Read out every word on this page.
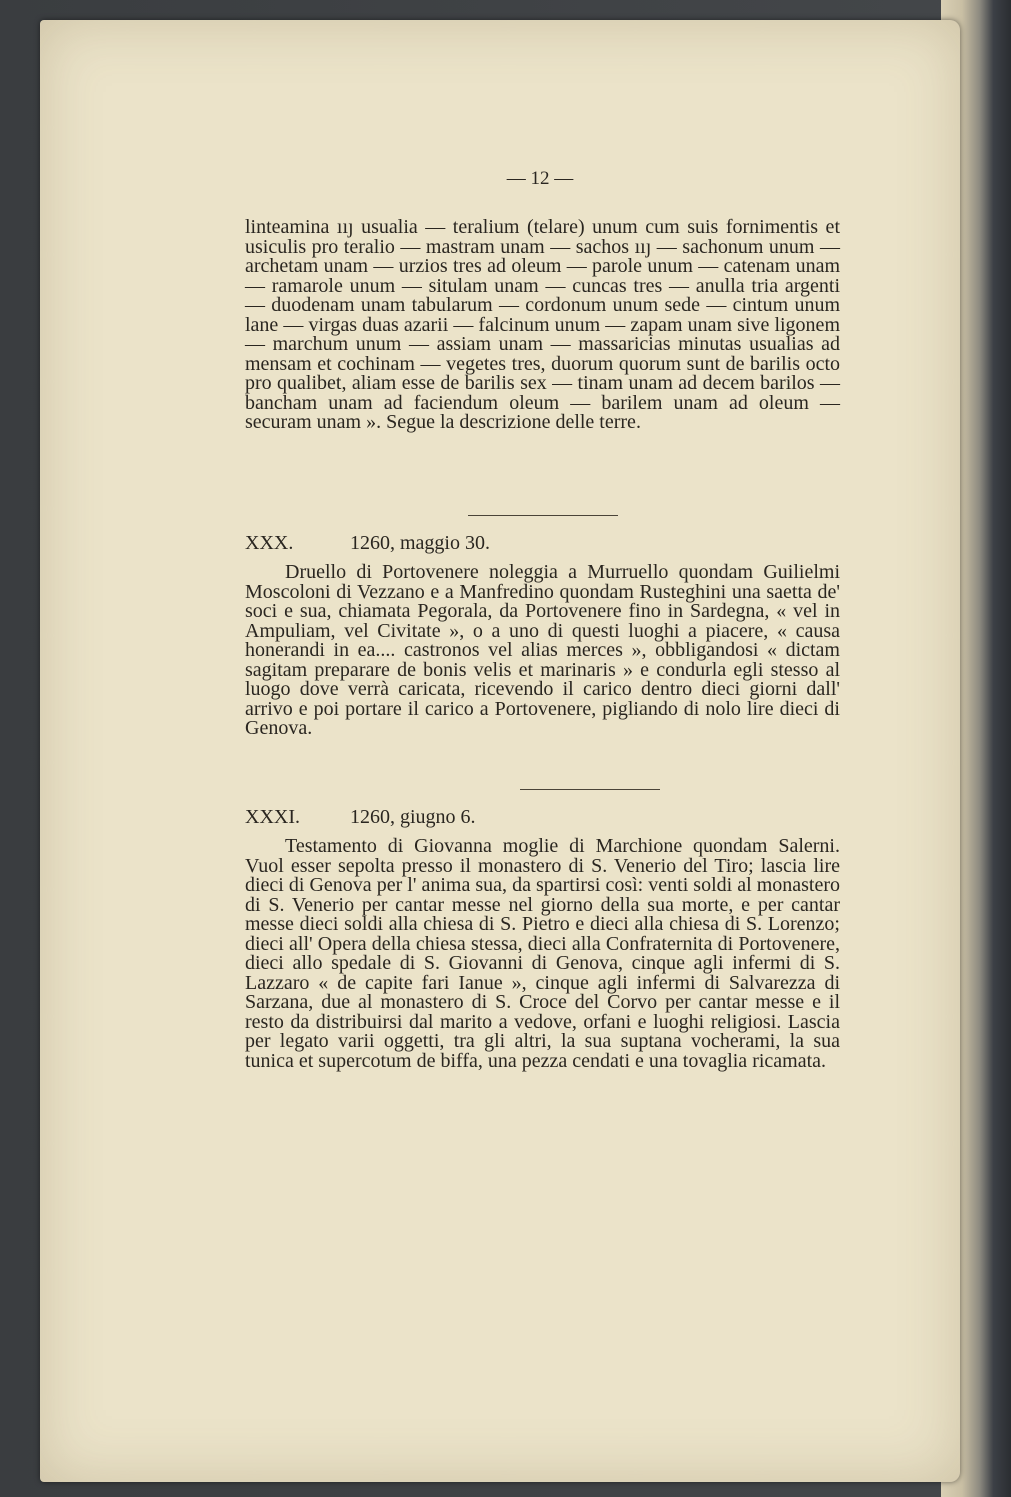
— 12 —

linteamina ııȷ usualia — teralium (telare) unum cum suis fornimentis et usiculis pro teralio — mastram unam — sachos ııȷ — sachonum unum — archetam unam — urzios tres ad oleum — parole unum — catenam unam — ramarole unum — situlam unam — cuncas tres — anulla tria argenti — duodenam unam tabularum — cordonum unum sede — cintum unum lane — virgas duas azarii — falcinum unum — zapam unam sive ligonem — marchum unum — assiam unam — massaricias minutas usualias ad mensam et cochinam — vegetes tres, duorum quorum sunt de barilis octo pro qualibet, aliam esse de barilis sex — tinam unam ad decem barilos — bancham unam ad faciendum oleum — barilem unam ad oleum — securam unam ». Segue la descrizione delle terre.

XXX.	1260, maggio 30.

Druello di Portovenere noleggia a Murruello quondam Guilielmi Moscoloni di Vezzano e a Manfredino quondam Rusteghini una saetta de' soci e sua, chiamata Pegorala, da Portovenere fino in Sardegna, « vel in Ampuliam, vel Civitate », o a uno di questi luoghi a piacere, « causa honerandi in ea.... castronos vel alias merces », obbligandosi « dictam sagitam preparare de bonis velis et marinaris » e condurla egli stesso al luogo dove verrà caricata, ricevendo il carico dentro dieci giorni dall' arrivo e poi portare il carico a Portovenere, pigliando di nolo lire dieci di Genova.

XXXI.	1260, giugno 6.

Testamento di Giovanna moglie di Marchione quondam Salerni. Vuol esser sepolta presso il monastero di S. Venerio del Tiro; lascia lire dieci di Genova per l' anima sua, da spartirsi così: venti soldi al monastero di S. Venerio per cantar messe nel giorno della sua morte, e per cantar messe dieci soldi alla chiesa di S. Pietro e dieci alla chiesa di S. Lorenzo; dieci all' Opera della chiesa stessa, dieci alla Confraternita di Portovenere, dieci allo spedale di S. Giovanni di Genova, cinque agli infermi di S. Lazzaro « de capite fari Ianue », cinque agli infermi di Salvarezza di Sarzana, due al monastero di S. Croce del Corvo per cantar messe e il resto da distribuirsi dal marito a vedove, orfani e luoghi religiosi. Lascia per legato varii oggetti, tra gli altri, la sua suptana vocherami, la sua tunica et supercotum de biffa, una pezza cendati e una tovaglia ricamata.
